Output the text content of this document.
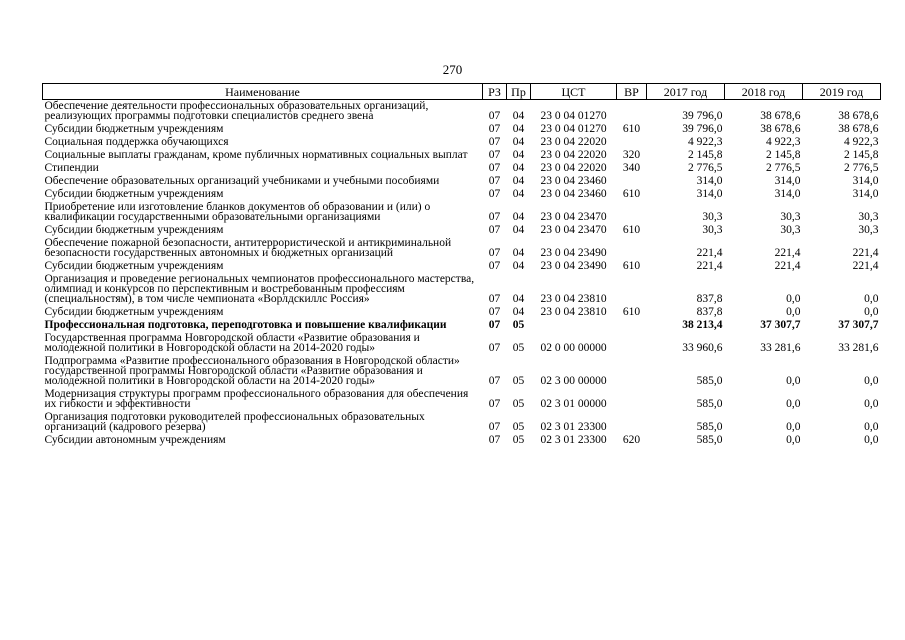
270
Наименование	РЗ	Пр	ЦСТ	ВР	2017 год	2018 год	2019 год
Обеспечение деятельности профессиональных образовательных организаций, реализующих программы подготовки специалистов среднего звена	07	04	23 0 04 01270		39 796,0	38 678,6	38 678,6
Субсидии бюджетным учреждениям	07	04	23 0 04 01270	610	39 796,0	38 678,6	38 678,6
Социальная поддержка обучающихся	07	04	23 0 04 22020		4 922,3	4 922,3	4 922,3
Социальные выплаты гражданам, кроме публичных нормативных социальных выплат	07	04	23 0 04 22020	320	2 145,8	2 145,8	2 145,8
Стипендии	07	04	23 0 04 22020	340	2 776,5	2 776,5	2 776,5
Обеспечение образовательных организаций учебниками и учебными пособиями	07	04	23 0 04 23460		314,0	314,0	314,0
Субсидии бюджетным учреждениям	07	04	23 0 04 23460	610	314,0	314,0	314,0
Приобретение или изготовление бланков документов об образовании и (или) о квалификации государственными образовательными организациями	07	04	23 0 04 23470		30,3	30,3	30,3
Субсидии бюджетным учреждениям	07	04	23 0 04 23470	610	30,3	30,3	30,3
Обеспечение пожарной безопасности, антитеррористической и антикриминальной безопасности государственных автономных и бюджетных организаций	07	04	23 0 04 23490		221,4	221,4	221,4
Субсидии бюджетным учреждениям	07	04	23 0 04 23490	610	221,4	221,4	221,4
Организация и проведение региональных чемпионатов профессионального мастерства, олимпиад и конкурсов по перспективным и востребованным профессиям (специальностям), в том числе чемпионата «Ворлдскиллс Россия»	07	04	23 0 04 23810		837,8	0,0	0,0
Субсидии бюджетным учреждениям	07	04	23 0 04 23810	610	837,8	0,0	0,0
Профессиональная подготовка, переподготовка и повышение квалификации	07	05			38 213,4	37 307,7	37 307,7
Государственная программа Новгородской области «Развитие образования и молодежной политики в Новгородской области на 2014-2020 годы»	07	05	02 0 00 00000		33 960,6	33 281,6	33 281,6
Подпрограмма «Развитие профессионального образования в Новгородской области» государственной программы Новгородской области «Развитие образования и молодежной политики в Новгородской области на 2014-2020 годы»	07	05	02 3 00 00000		585,0	0,0	0,0
Модернизация структуры программ профессионального образования для обеспечения их гибкости и эффективности	07	05	02 3 01 00000		585,0	0,0	0,0
Организация подготовки руководителей профессиональных образовательных организаций (кадрового резерва)	07	05	02 3 01 23300		585,0	0,0	0,0
Субсидии автономным учреждениям	07	05	02 3 01 23300	620	585,0	0,0	0,0
